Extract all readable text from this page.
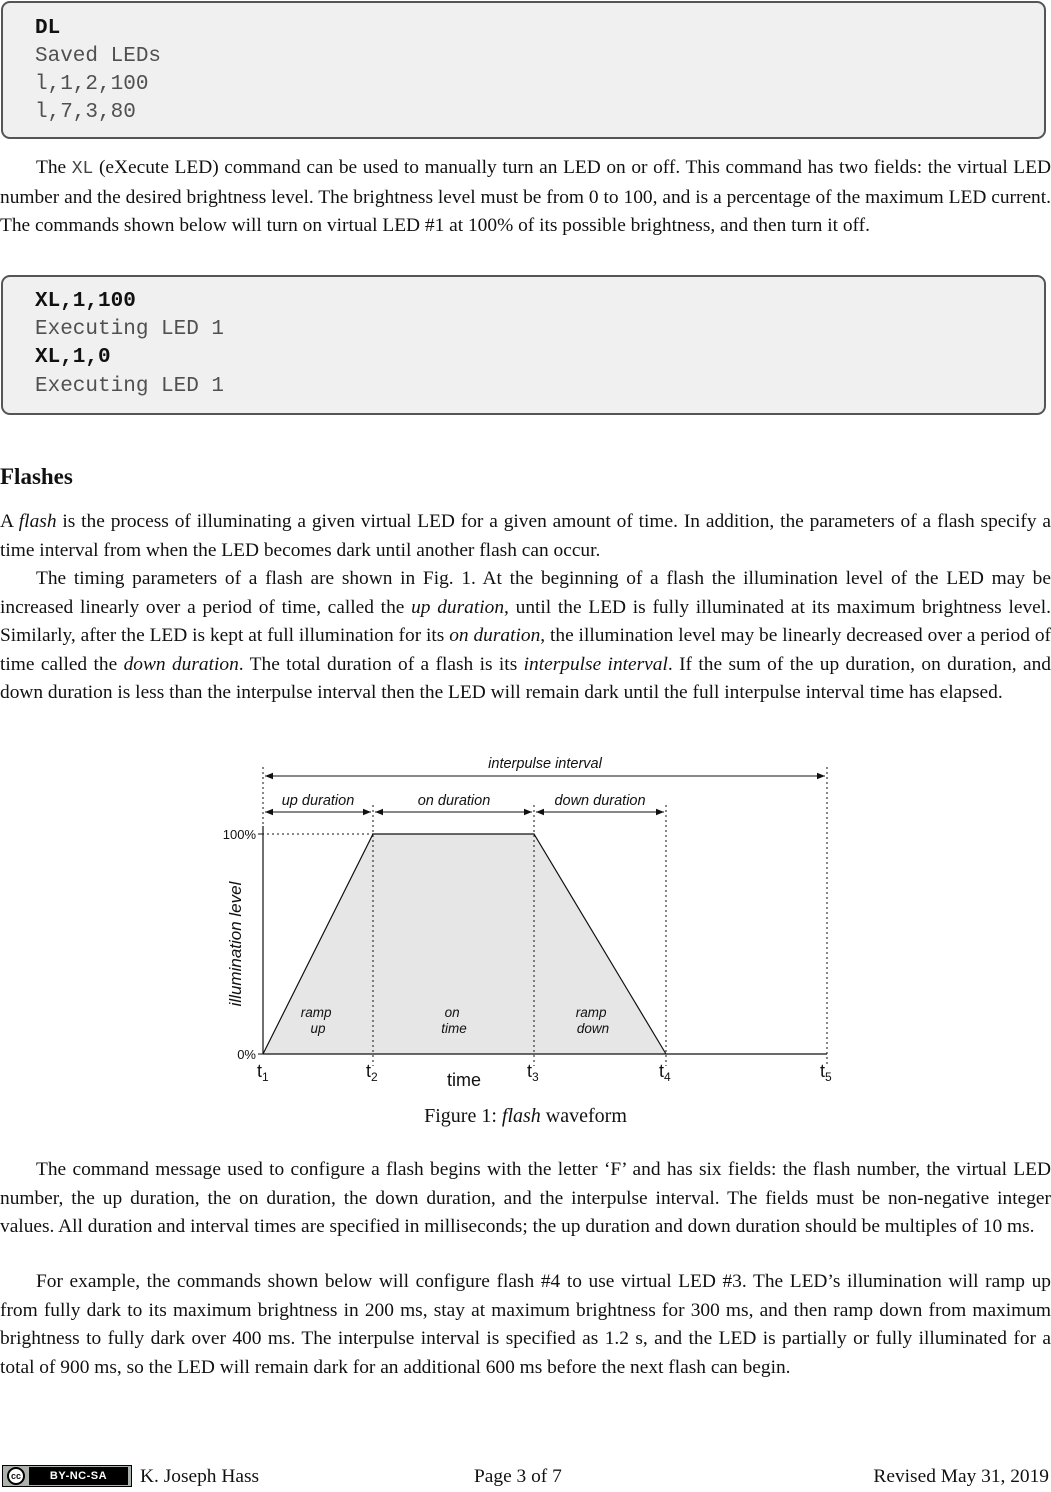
DL
Saved LEDs
l,1,2,100
l,7,3,80

The XL (eXecute LED) command can be used to manually turn an LED on or off. This command has two fields: the virtual LED number and the desired brightness level. The brightness level must be from 0 to 100, and is a percentage of the maximum LED current. The commands shown below will turn on virtual LED #1 at 100% of its possible brightness, and then turn it off.

XL,1,100
Executing LED 1
XL,1,0
Executing LED 1
Flashes

A flash is the process of illuminating a given virtual LED for a given amount of time. In addition, the parameters of a flash specify a time interval from when the LED becomes dark until another flash can occur.

The timing parameters of a flash are shown in Fig. 1. At the beginning of a flash the illumination level of the LED may be increased linearly over a period of time, called the up duration, until the LED is fully illuminated at its maximum brightness level. Similarly, after the LED is kept at full illumination for its on duration, the illumination level may be linearly decreased over a period of time called the down duration. The total duration of a flash is its interpulse interval. If the sum of the up duration, on duration, and down duration is less than the interpulse interval then the LED will remain dark until the full interpulse interval time has elapsed.

interpulse interval
up duration	on duration	down duration
100%
0%
illumination level
ramp up
on time
ramp down
$t_1$	$t_2$	$t_3$	$t_4$	$t_5$
time
Figure 1: flash waveform

The command message used to configure a flash begins with the letter ‘F’ and has six fields: the flash number, the virtual LED number, the up duration, the on duration, the down duration, and the interpulse interval. The fields must be non-negative integer values. All duration and interval times are specified in milliseconds; the up duration and down duration should be multiples of 10 ms.

For example, the commands shown below will configure flash #4 to use virtual LED #3. The LED’s illumination will ramp up from fully dark to its maximum brightness in 200 ms, stay at maximum brightness for 300 ms, and then ramp down from maximum brightness to fully dark over 400 ms. The interpulse interval is specified as 1.2 s, and the LED is partially or fully illuminated for a total of 900 ms, so the LED will remain dark for an additional 600 ms before the next flash can begin.

cc	BY-NC-SA	K. Joseph Hass	Page 3 of 7	Revised May 31, 2019
